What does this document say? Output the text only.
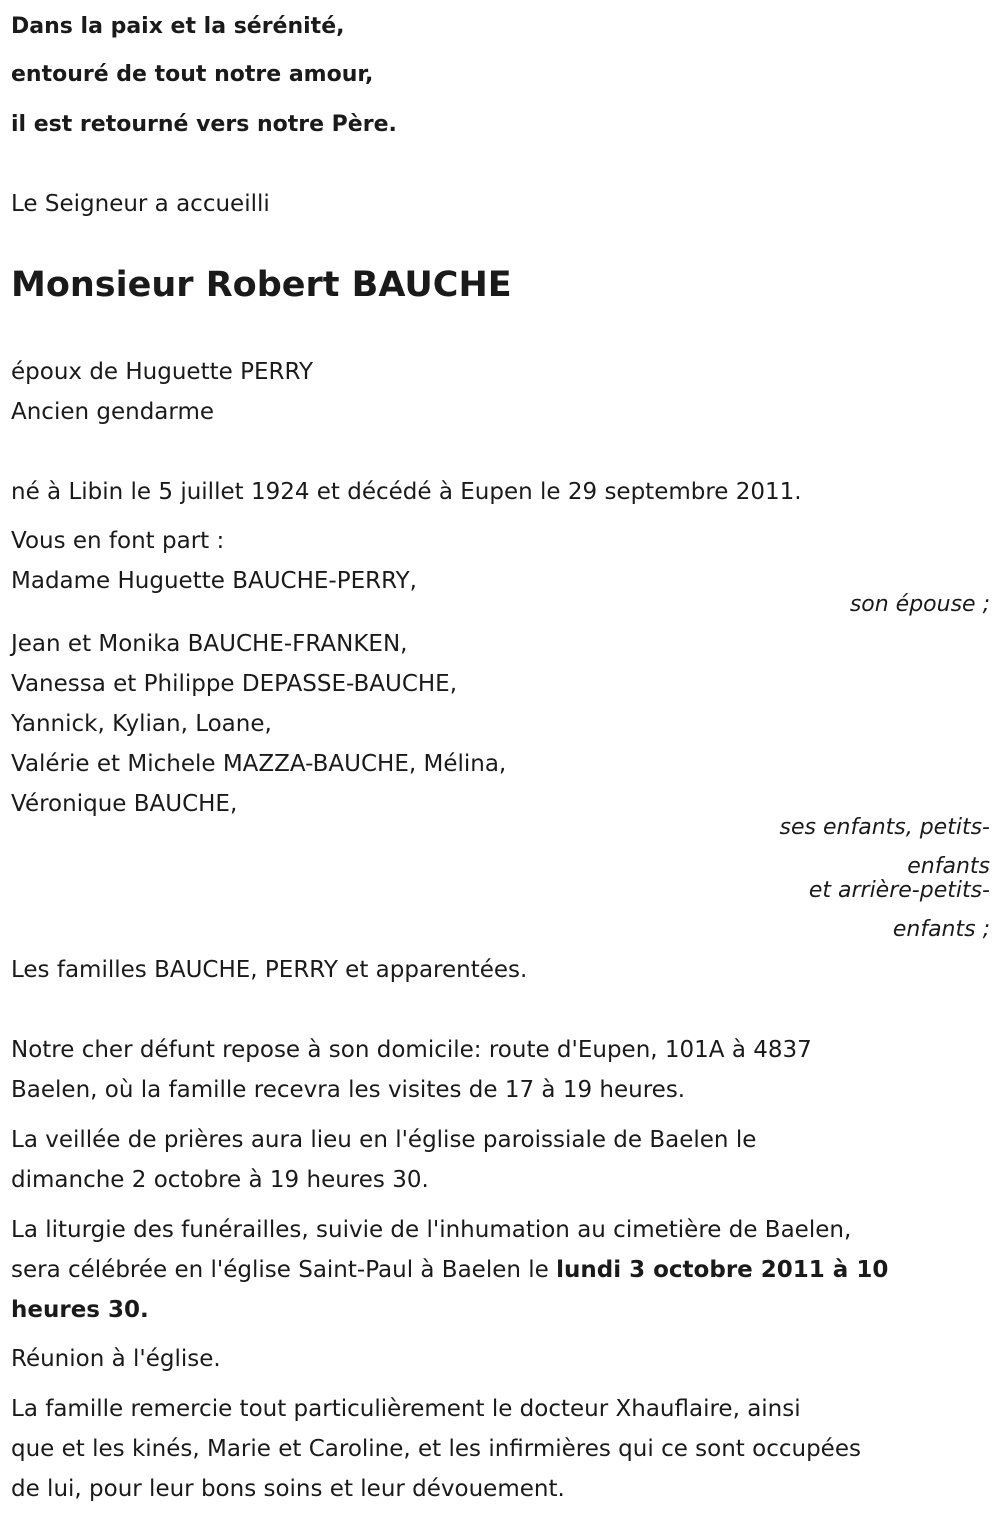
Dans la paix et la sérénité,

entouré de tout notre amour,

il est retourné vers notre Père.

Le Seigneur a accueilli

Monsieur Robert BAUCHE

époux de Huguette PERRY

Ancien gendarme

né à Libin le 5 juillet 1924 et décédé à Eupen le 29 septembre 2011.

Vous en font part :

Madame Huguette BAUCHE-PERRY,

son épouse ;

Jean et Monika BAUCHE-FRANKEN,

Vanessa et Philippe DEPASSE-BAUCHE,

Yannick, Kylian, Loane,

Valérie et Michele MAZZA-BAUCHE, Mélina,

Véronique BAUCHE,

ses enfants, petits-

enfants

et arrière-petits-

enfants ;

Les familles BAUCHE, PERRY et apparentées.

Notre cher défunt repose à son domicile: route d'Eupen, 101A à 4837

Baelen, où la famille recevra les visites de 17 à 19 heures.

La veillée de prières aura lieu en l'église paroissiale de Baelen le

dimanche 2 octobre à 19 heures 30.

La liturgie des funérailles, suivie de l'inhumation au cimetière de Baelen,

sera célébrée en l'église Saint-Paul à Baelen le lundi 3 octobre 2011 à 10

heures 30.

Réunion à l'église.

La famille remercie tout particulièrement le docteur Xhauflaire, ainsi

que et les kinés, Marie et Caroline, et les infirmières qui ce sont occupées

de lui, pour leur bons soins et leur dévouement.
